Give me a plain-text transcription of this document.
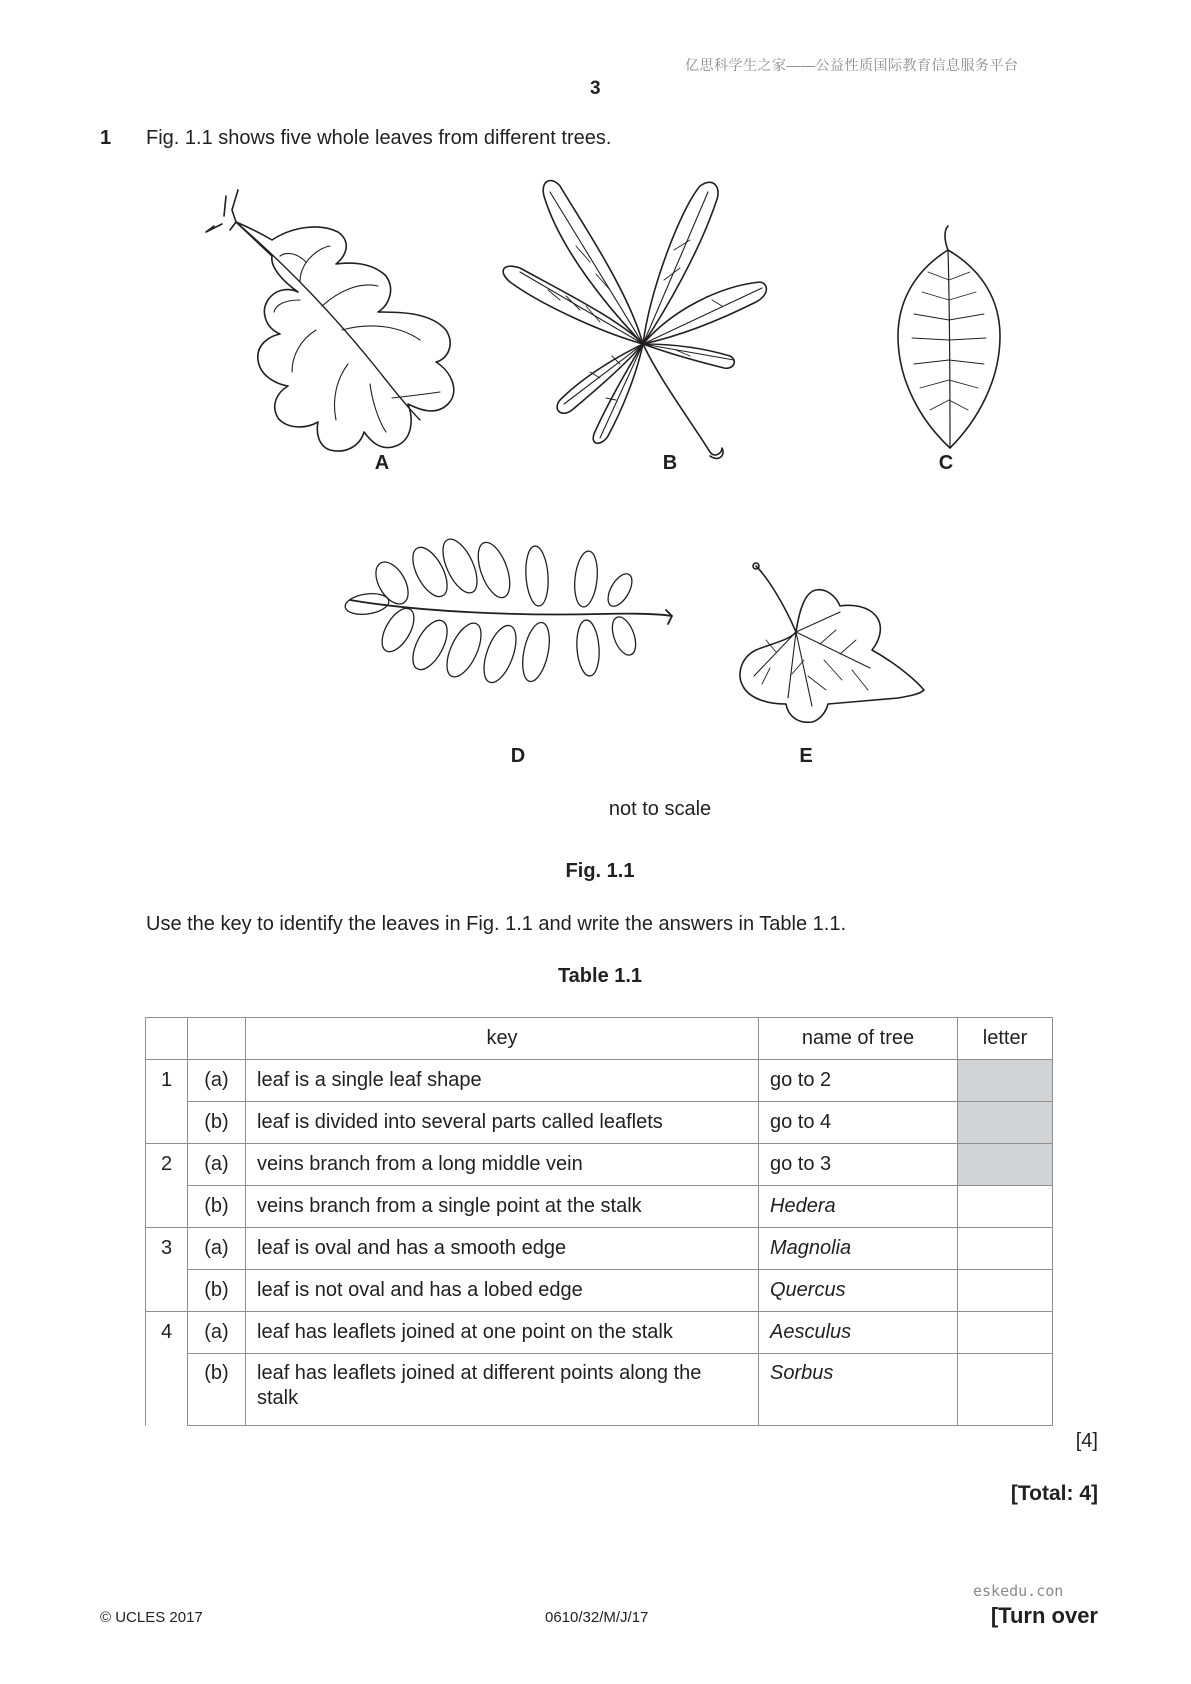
亿思科学生之家——公益性质国际教育信息服务平台
3
1 Fig. 1.1 shows five whole leaves from different trees.
A	B	C
D	E
not to scale
Fig. 1.1
Use the key to identify the leaves in Fig. 1.1 and write the answers in Table 1.1.
Table 1.1
		key	name of tree	letter
1	(a)	leaf is a single leaf shape	go to 2	
	(b)	leaf is divided into several parts called leaflets	go to 4	
2	(a)	veins branch from a long middle vein	go to 3	
	(b)	veins branch from a single point at the stalk	Hedera	
3	(a)	leaf is oval and has a smooth edge	Magnolia	
	(b)	leaf is not oval and has a lobed edge	Quercus	
4	(a)	leaf has leaflets joined at one point on the stalk	Aesculus	
	(b)	leaf has leaflets joined at different points along the stalk	Sorbus	
[4]
[Total: 4]
eskedu.con
© UCLES 2017	0610/32/M/J/17	[Turn over
